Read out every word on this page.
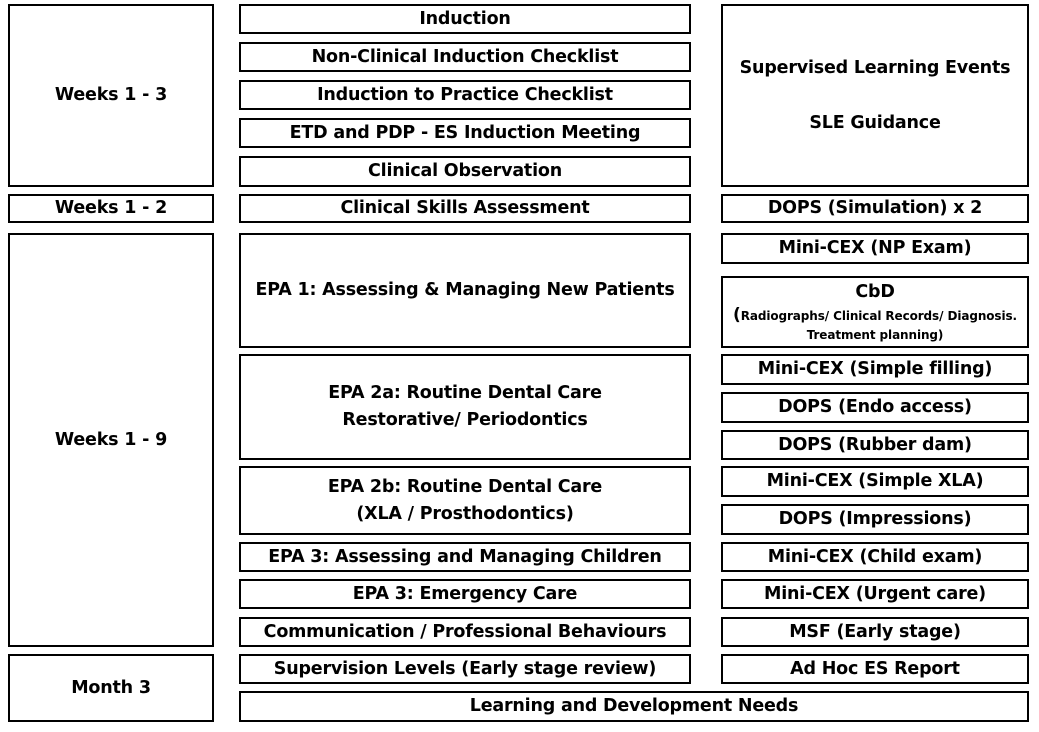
Weeks 1 - 3
Weeks 1 - 2
Weeks 1 - 9
Month 3
Induction
Non-Clinical Induction Checklist
Induction to Practice Checklist
ETD and PDP - ES Induction Meeting
Clinical Observation
Clinical Skills Assessment
EPA 1: Assessing & Managing New Patients
EPA 2a: Routine Dental Care
Restorative/ Periodontics
EPA 2b: Routine Dental Care
(XLA / Prosthodontics)
EPA 3: Assessing and Managing Children
EPA 3: Emergency Care
Communication / Professional Behaviours
Supervision Levels (Early stage review)
Learning and Development Needs
Supervised Learning Events
SLE Guidance
DOPS (Simulation) x 2
Mini-CEX (NP Exam)
CbD
(Radiographs/ Clinical Records/ Diagnosis.
Treatment planning)
Mini-CEX (Simple filling)
DOPS (Endo access)
DOPS (Rubber dam)
Mini-CEX (Simple XLA)
DOPS (Impressions)
Mini-CEX (Child exam)
Mini-CEX (Urgent care)
MSF (Early stage)
Ad Hoc ES Report
